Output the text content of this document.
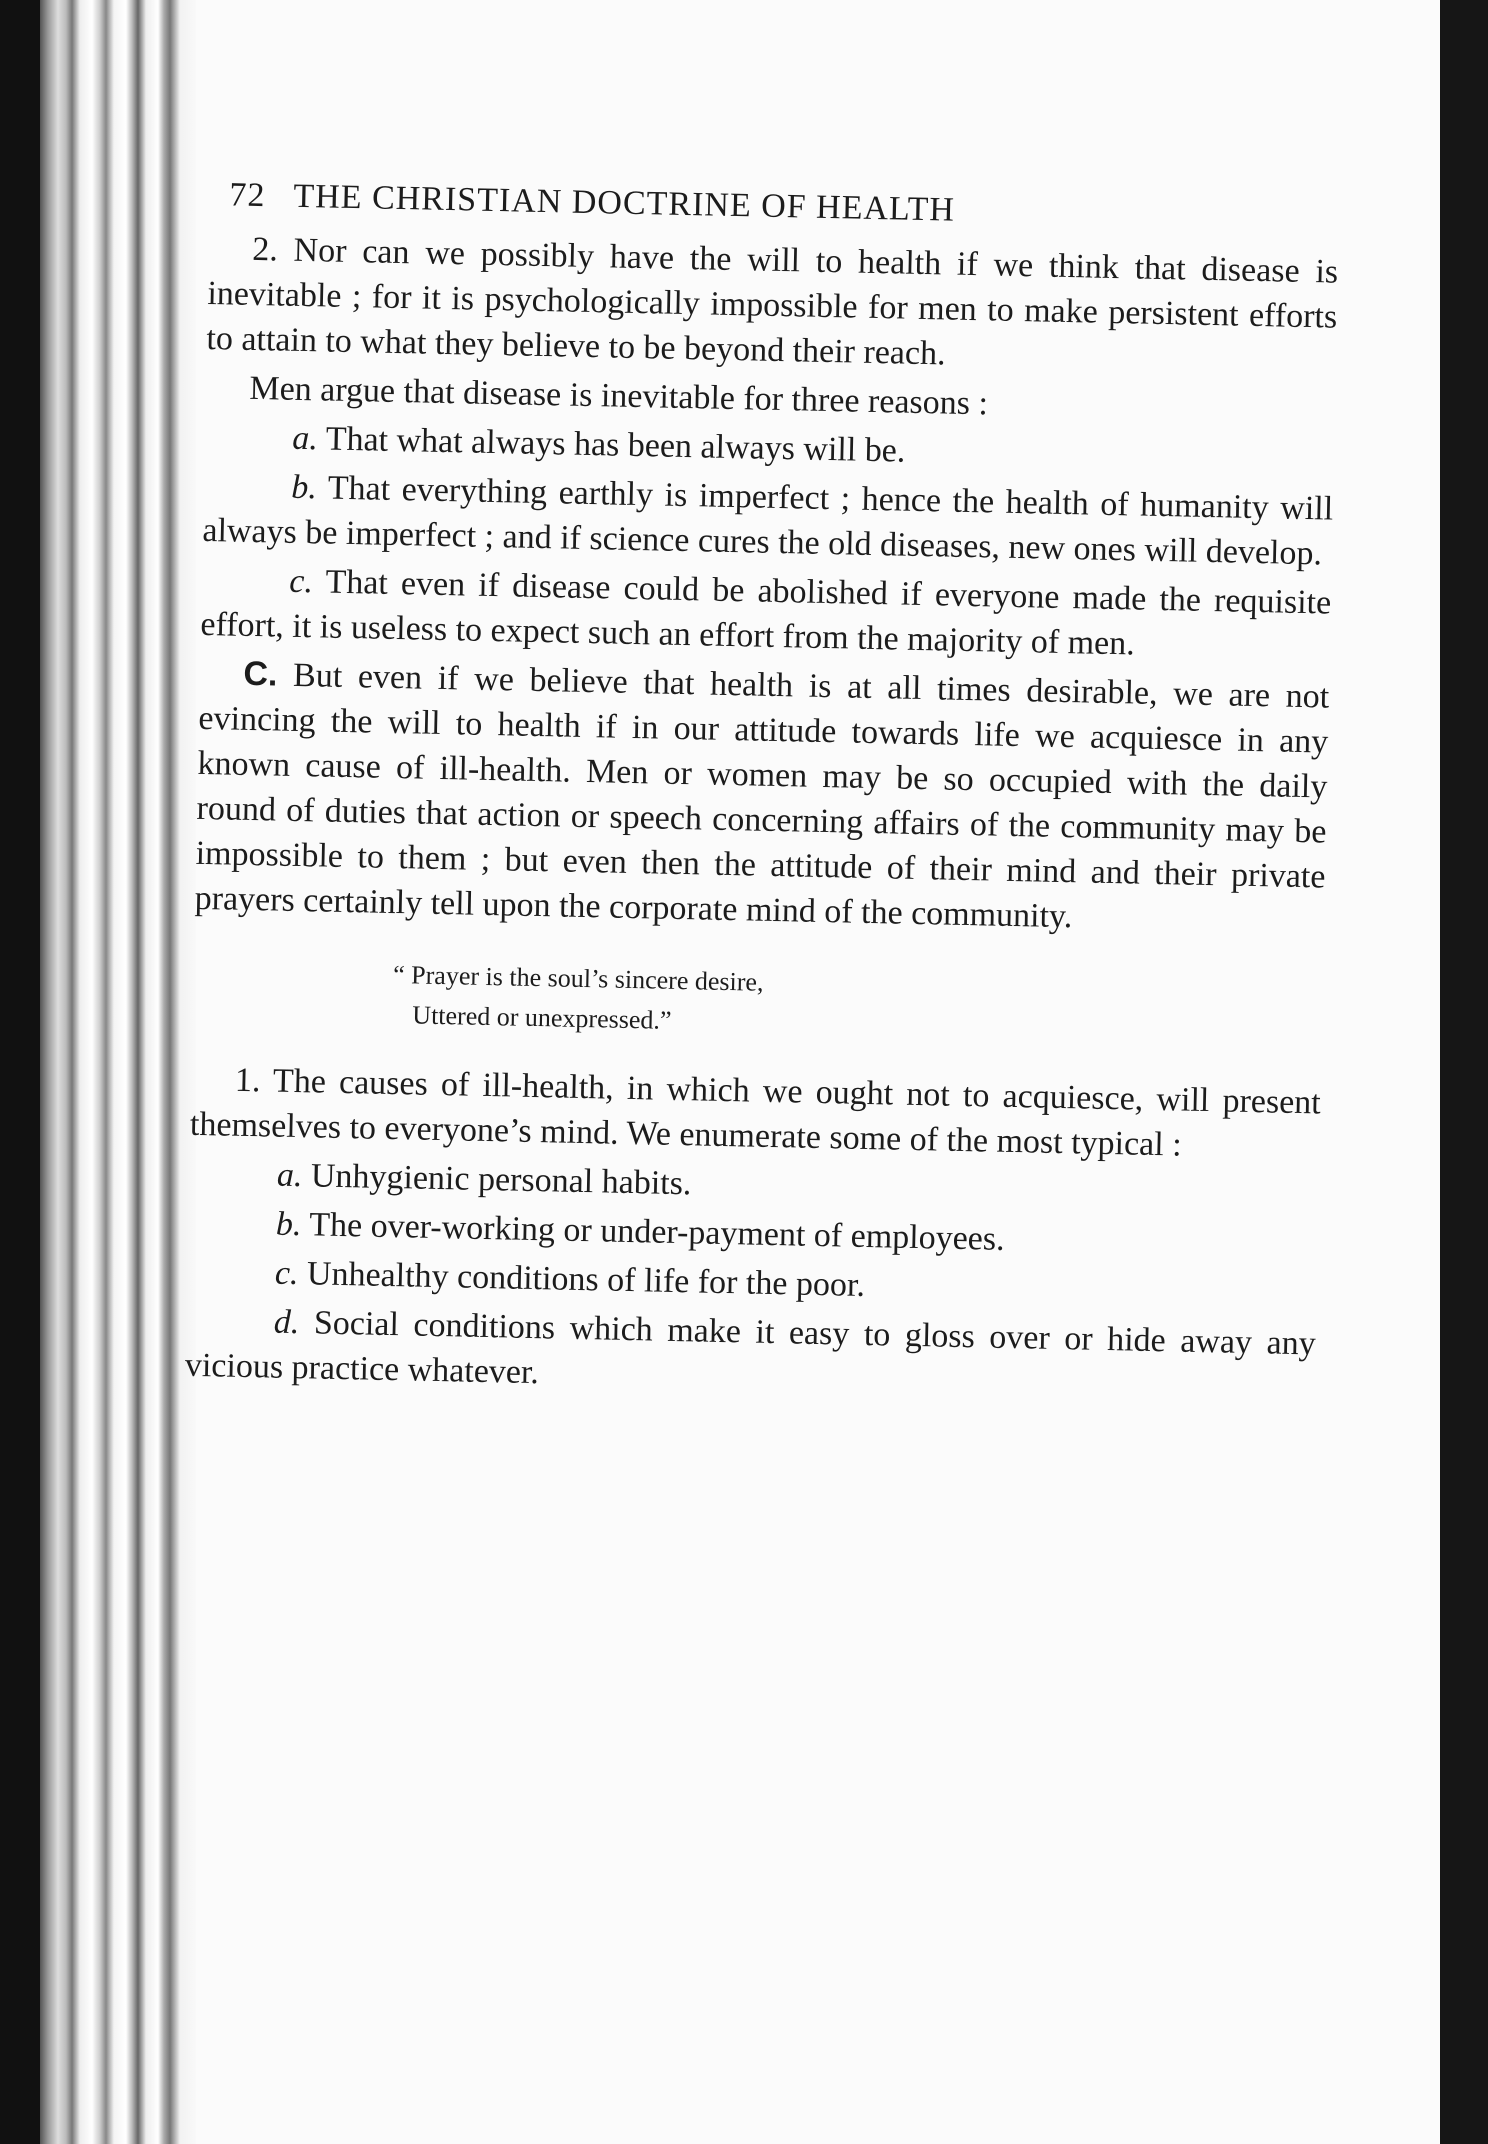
72 THE CHRISTIAN DOCTRINE OF HEALTH

2. Nor can we possibly have the will to health if we think that disease is inevitable ; for it is psychologically impossible for men to make persistent efforts to attain to what they believe to be beyond their reach.

Men argue that disease is inevitable for three reasons :

a. That what always has been always will be.

b. That everything earthly is imperfect ; hence the health of humanity will always be imperfect ; and if science cures the old diseases, new ones will develop.

c. That even if disease could be abolished if everyone made the requisite effort, it is useless to expect such an effort from the majority of men.

C. But even if we believe that health is at all times desirable, we are not evincing the will to health if in our attitude towards life we acquiesce in any known cause of ill-health. Men or women may be so occupied with the daily round of duties that action or speech concerning affairs of the community may be impossible to them ; but even then the attitude of their mind and their private prayers certainly tell upon the corporate mind of the community.

“ Prayer is the soul’s sincere desire,
Uttered or unexpressed.”

1. The causes of ill-health, in which we ought not to acquiesce, will present themselves to everyone’s mind. We enumerate some of the most typical :

a. Unhygienic personal habits.

b. The over-working or under-payment of employees.

c. Unhealthy conditions of life for the poor.

d. Social conditions which make it easy to gloss over or hide away any vicious practice whatever.
